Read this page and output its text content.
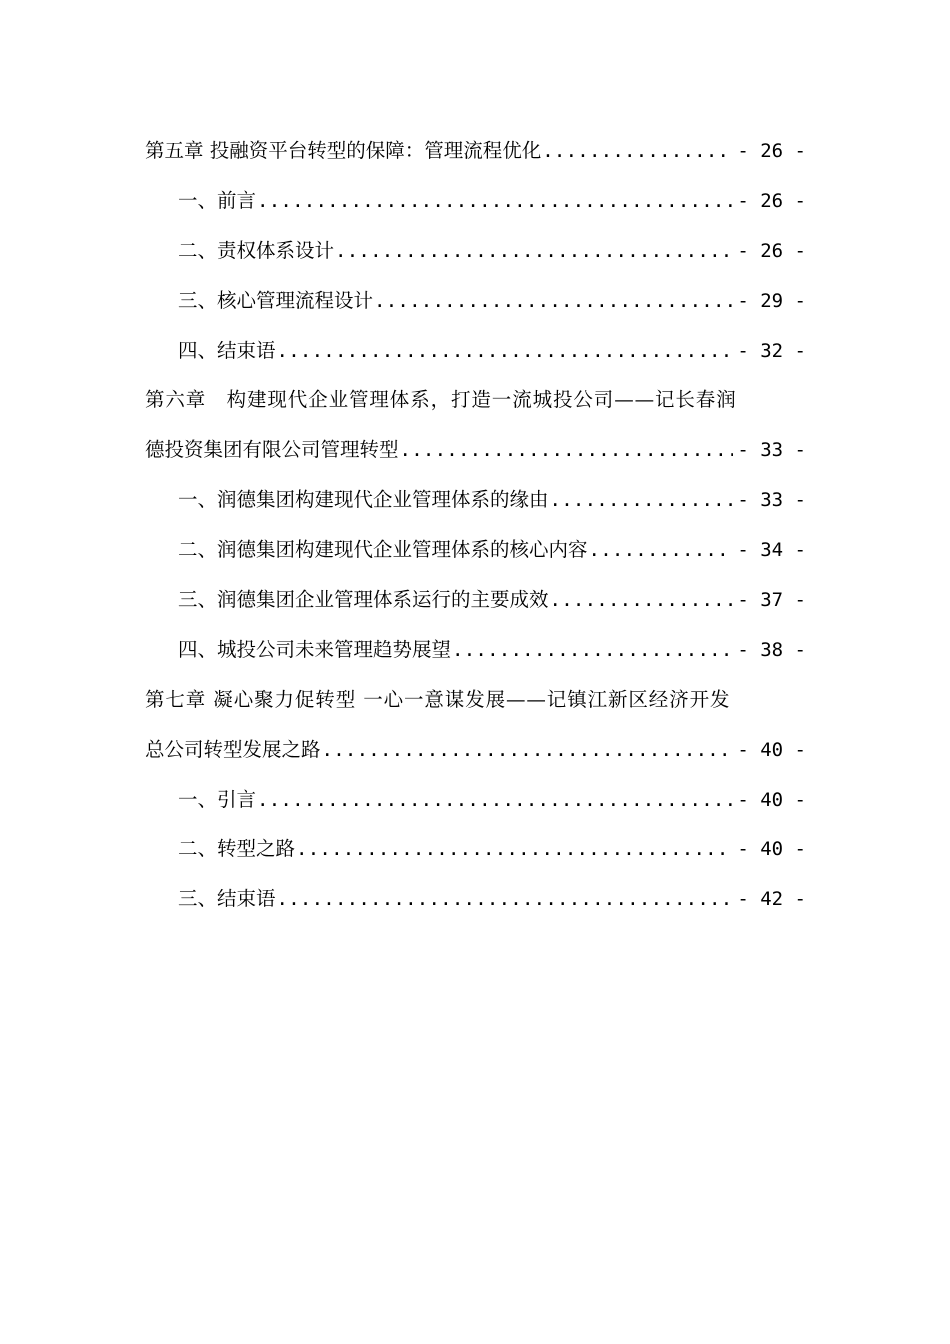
第五章 投融资平台转型的保障：管理流程优化 .....	- 26 -
一、前言 .....	- 26 -
二、责权体系设计 .....	- 26 -
三、核心管理流程设计 .....	- 29 -
四、结束语 .....	- 32 -
第六章　构建现代企业管理体系，打造一流城投公司——记长春润
德投资集团有限公司管理转型 .....	- 33 -
一、润德集团构建现代企业管理体系的缘由 .....	- 33 -
二、润德集团构建现代企业管理体系的核心内容 .....	- 34 -
三、润德集团企业管理体系运行的主要成效 .....	- 37 -
四、城投公司未来管理趋势展望 .....	- 38 -
第七章 凝心聚力促转型 一心一意谋发展——记镇江新区经济开发
总公司转型发展之路 .....	- 40 -
一、引言 .....	- 40 -
二、转型之路 .....	- 40 -
三、结束语 .....	- 42 -
